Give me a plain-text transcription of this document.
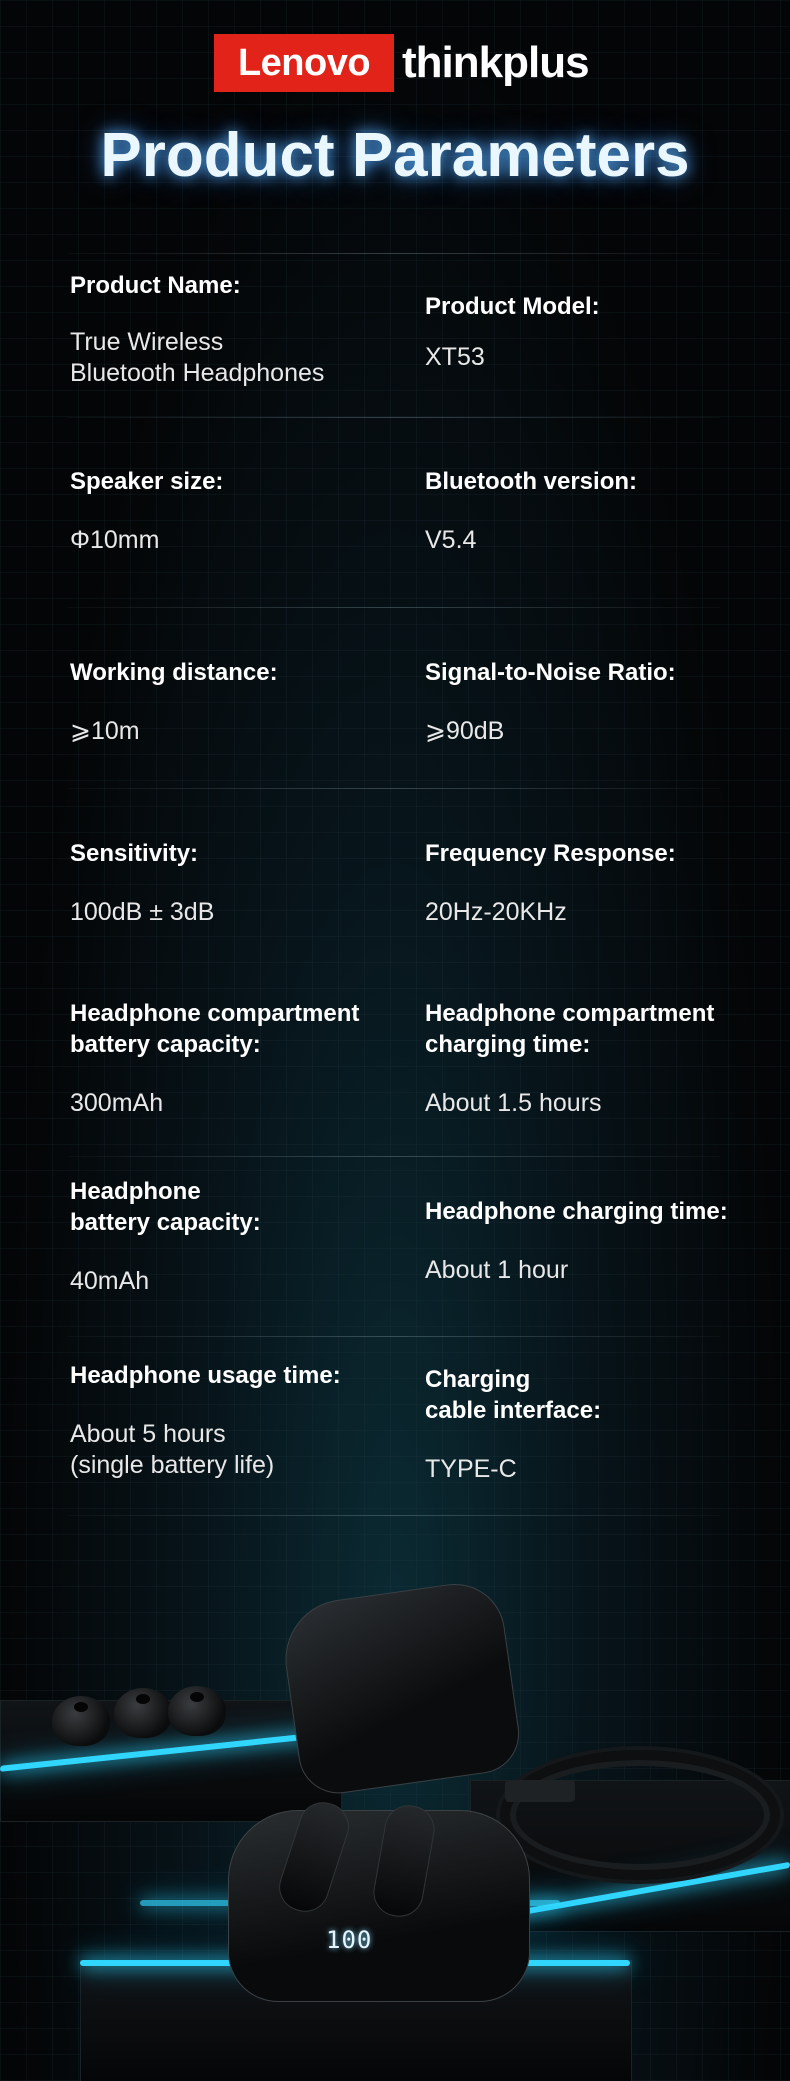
Lenovo thinkplus
Product Parameters
Product Name:
True Wireless
Bluetooth Headphones
Product Model:
XT53
Speaker size:
Φ10mm
Bluetooth version:
V5.4
Working distance:
⩾10m
Signal-to-Noise Ratio:
⩾90dB
Sensitivity:
100dB ± 3dB
Frequency Response:
20Hz-20KHz
Headphone compartment
battery capacity:
300mAh
Headphone compartment
charging time:
About 1.5 hours
Headphone
battery capacity:
40mAh
Headphone charging time:
About 1 hour
Headphone usage time:
About 5 hours
(single battery life)
Charging
cable interface:
TYPE-C
100
